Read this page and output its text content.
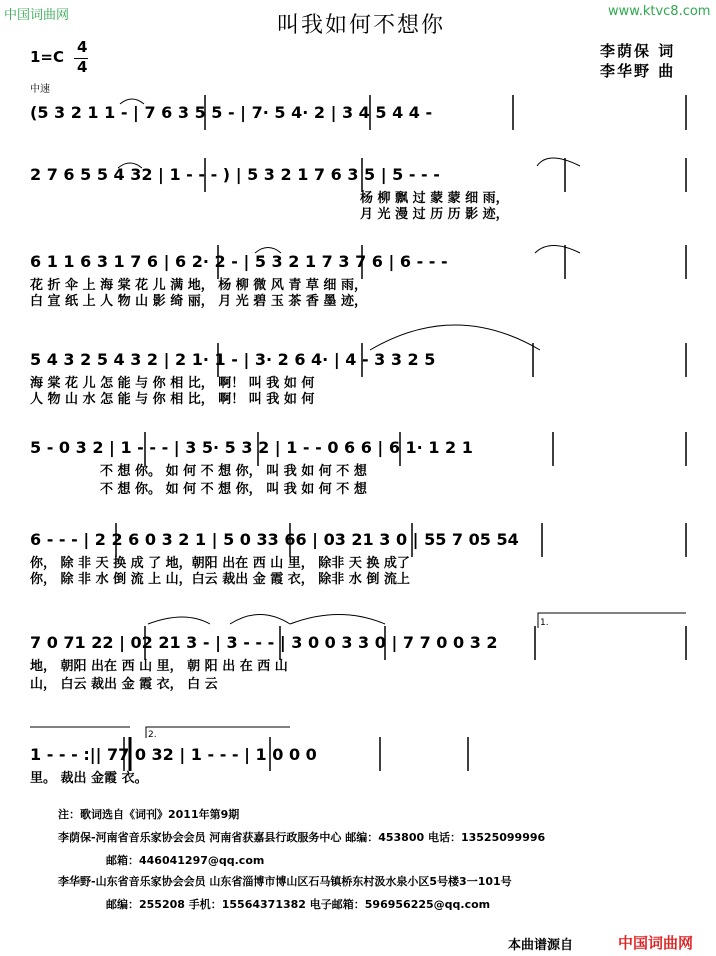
中国词曲网	www.ktvc8.com
叫我如何不想你
李荫保 词
李华野 曲
1=C
4
4
中速
(5 3 2 1 1 - | 7 6 3 5 5 - | 7· 5 4· 2 | 3 4 5 4 4 -
2 7 6 5 5 4 32 | 1 - - - ) | 5 3 2 1 7 6 3 5 | 5 - - -
6 1 1 6 3 1 7 6 | 6 2· 2 - | 5 3 2 1 7 3 7 6 | 6 - - -
5 4 3 2 5 4 3 2 | 2 1· 1 - | 3· 2 6 4· | 4 - 3 3 2 5
5 - 0 3 2 | 1 - - - | 3 5· 5 3 2 | 1 - - 0 6 6 | 6 1· 1 2 1
6 - - - | 2 2 6 0 3 2 1 | 5 0 33 66 | 03 21 3 0 | 55 7 05 54
7 0 71 22 | 02 21 3 - | 3 - - - | 3 0 0 3 3 0 | 7 7 0 0 3 2
1 - - - :|| 77 0 32 | 1 - - - | 1 0 0 0
杨 柳 飘 过 蒙 蒙 细 雨，
月 光 漫 过 历 历 影 迹，
花 折 伞 上 海 棠 花 儿 满 地， 杨 柳 微 风 青 草 细 雨，
白 宣 纸 上 人 物 山 影 绮 丽， 月 光 碧 玉 茶 香 墨 迹，
海 棠 花 儿 怎 能 与 你 相 比， 啊！ 叫 我 如 何
人 物 山 水 怎 能 与 你 相 比， 啊！ 叫 我 如 何
不 想 你。 如 何 不 想 你， 叫 我 如 何 不 想
不 想 你。 如 何 不 想 你， 叫 我 如 何 不 想
你， 除 非 天 换 成 了 地，朝阳 出在 西 山 里， 除非 天 换 成了
你， 除 非 水 倒 流 上 山，白云 裁出 金 霞 衣， 除非 水 倒 流上
地， 朝阳 出在 西 山 里， 朝 阳 出 在 西 山
山， 白云 裁出 金 霞 衣， 白 云
里。 裁出 金霞 衣。
1.
2.
注：歌词选自《词刊》2011年第9期
李荫保-河南省音乐家协会会员 河南省获嘉县行政服务中心 邮编：453800 电话：13525099996
邮箱：446041297@qq.com
李华野-山东省音乐家协会会员 山东省淄博市博山区石马镇桥东村汲水泉小区5号楼3一101号
邮编：255208 手机：15564371382 电子邮箱：596956225@qq.com
本曲谱源自	中国词曲网
